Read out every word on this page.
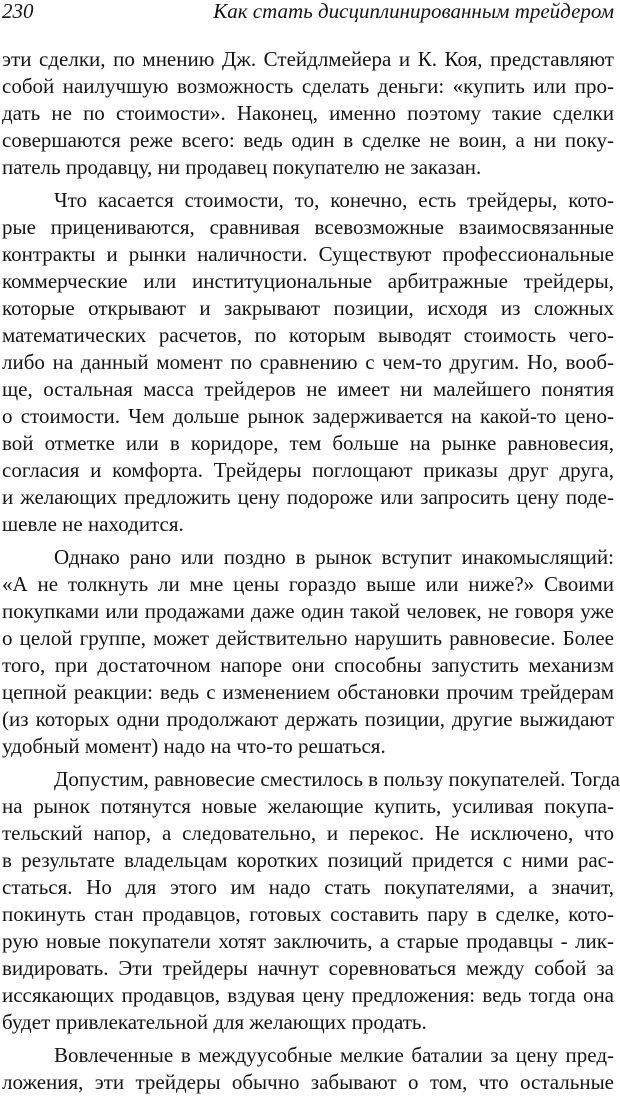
230	Как стать дисциплинированным трейдером

эти сделки, по мнению Дж. Стейдлмейера и К. Коя, представляют
собой наилучшую возможность сделать деньги: «купить или про-
дать не по стоимости». Наконец, именно поэтому такие сделки
совершаются реже всего: ведь один в сделке не воин, а ни поку-
патель продавцу, ни продавец покупателю не заказан.

Что касается стоимости, то, конечно, есть трейдеры, кото-
рые прицениваются, сравнивая всевозможные взаимосвязанные
контракты и рынки наличности. Существуют профессиональные
коммерческие или институциональные арбитражные трейдеры,
которые открывают и закрывают позиции, исходя из сложных
математических расчетов, по которым выводят стоимость чего-
либо на данный момент по сравнению с чем-то другим. Но, вооб-
ще, остальная масса трейдеров не имеет ни малейшего понятия
о стоимости. Чем дольше рынок задерживается на какой-то цено-
вой отметке или в коридоре, тем больше на рынке равновесия,
согласия и комфорта. Трейдеры поглощают приказы друг друга,
и желающих предложить цену подороже или запросить цену поде-
шевле не находится.

Однако рано или поздно в рынок вступит инакомыслящий:
«А не толкнуть ли мне цены гораздо выше или ниже?» Своими
покупками или продажами даже один такой человек, не говоря уже
о целой группе, может действительно нарушить равновесие. Более
того, при достаточном напоре они способны запустить механизм
цепной реакции: ведь с изменением обстановки прочим трейдерам
(из которых одни продолжают держать позиции, другие выжидают
удобный момент) надо на что-то решаться.

Допустим, равновесие сместилось в пользу покупателей. Тогда
на рынок потянутся новые желающие купить, усиливая покупа-
тельский напор, а следовательно, и перекос. Не исключено, что
в результате владельцам коротких позиций придется с ними рас-
статься. Но для этого им надо стать покупателями, а значит,
покинуть стан продавцов, готовых составить пару в сделке, кото-
рую новые покупатели хотят заключить, а старые продавцы - лик-
видировать. Эти трейдеры начнут соревноваться между собой за
иссякающих продавцов, вздувая цену предложения: ведь тогда она
будет привлекательной для желающих продать.

Вовлеченные в междуусобные мелкие баталии за цену пред-
ложения, эти трейдеры обычно забывают о том, что остальные
